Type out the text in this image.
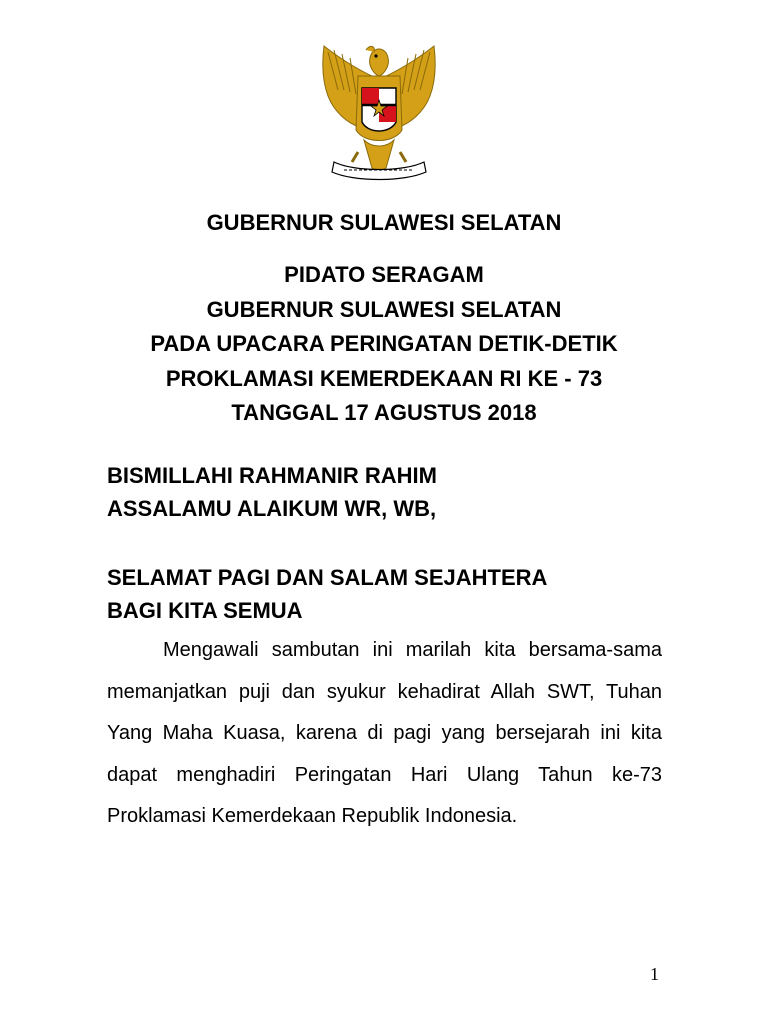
GUBERNUR SULAWESI SELATAN
PIDATO SERAGAM
GUBERNUR SULAWESI SELATAN
PADA UPACARA PERINGATAN DETIK-DETIK
PROKLAMASI KEMERDEKAAN RI KE - 73
TANGGAL 17 AGUSTUS 2018
BISMILLAHI RAHMANIR RAHIM
ASSALAMU ALAIKUM WR, WB,
SELAMAT PAGI DAN SALAM SEJAHTERA
BAGI KITA SEMUA

Mengawali sambutan ini marilah kita bersama-sama memanjatkan puji dan syukur kehadirat Allah SWT, Tuhan Yang Maha Kuasa, karena di pagi yang bersejarah ini kita dapat menghadiri Peringatan Hari Ulang Tahun ke-73 Proklamasi Kemerdekaan Republik Indonesia.

1
